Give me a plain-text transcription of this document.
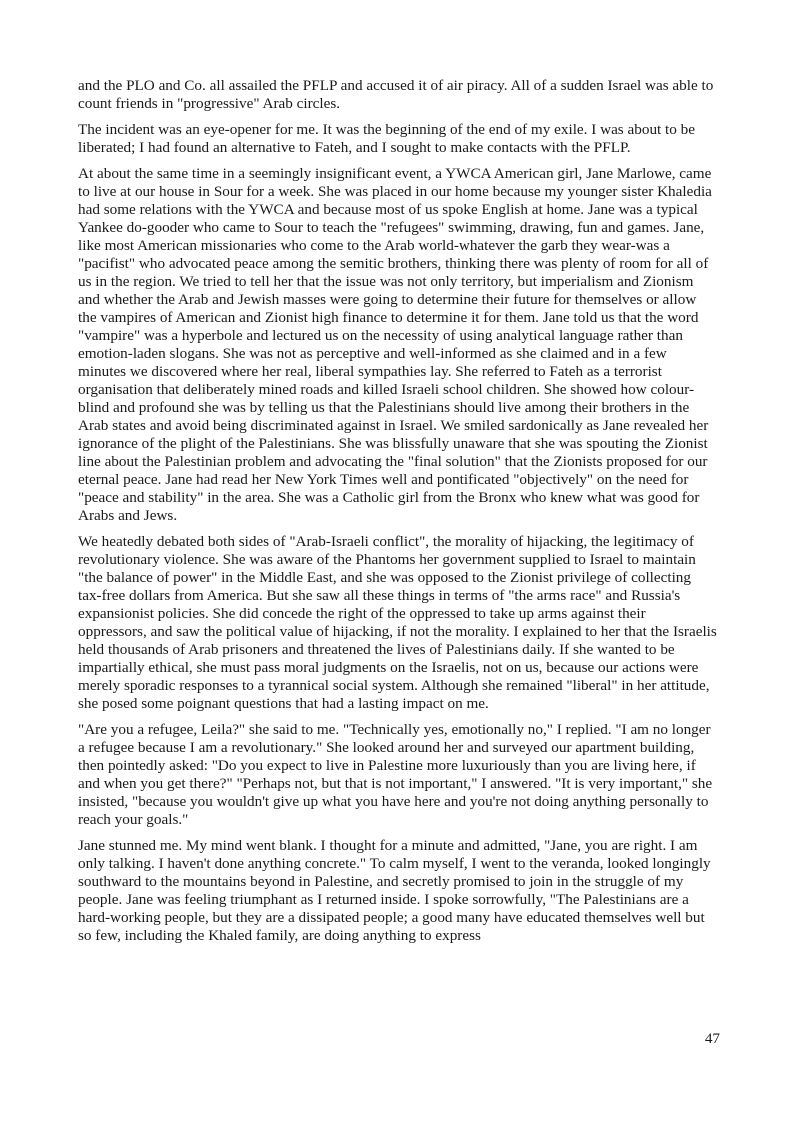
and the PLO and Co. all assailed the PFLP and accused it of air piracy. All of a sudden Israel was able to count friends in "progressive" Arab circles.

The incident was an eye-opener for me. It was the beginning of the end of my exile. I was about to be liberated; I had found an alternative to Fateh, and I sought to make contacts with the PFLP.

At about the same time in a seemingly insignificant event, a YWCA American girl, Jane Marlowe, came to live at our house in Sour for a week. She was placed in our home because my younger sister Khaledia had some relations with the YWCA and because most of us spoke English at home. Jane was a typical Yankee do-gooder who came to Sour to teach the "refugees" swimming, drawing, fun and games. Jane, like most American missionaries who come to the Arab world-whatever the garb they wear-was a "pacifist" who advocated peace among the semitic brothers, thinking there was plenty of room for all of us in the region. We tried to tell her that the issue was not only territory, but imperialism and Zionism and whether the Arab and Jewish masses were going to determine their future for themselves or allow the vampires of American and Zionist high finance to determine it for them. Jane told us that the word "vampire" was a hyperbole and lectured us on the necessity of using analytical language rather than emotion-laden slogans. She was not as perceptive and well-informed as she claimed and in a few minutes we discovered where her real, liberal sympathies lay. She referred to Fateh as a terrorist organisation that deliberately mined roads and killed Israeli school children. She showed how colour-blind and profound she was by telling us that the Palestinians should live among their brothers in the Arab states and avoid being discriminated against in Israel. We smiled sardonically as Jane revealed her ignorance of the plight of the Palestinians. She was blissfully unaware that she was spouting the Zionist line about the Palestinian problem and advocating the "final solution" that the Zionists proposed for our eternal peace. Jane had read her New York Times well and pontificated "objectively" on the need for "peace and stability" in the area. She was a Catholic girl from the Bronx who knew what was good for Arabs and Jews.

We heatedly debated both sides of "Arab-Israeli conflict", the morality of hijacking, the legitimacy of revolutionary violence. She was aware of the Phantoms her government supplied to Israel to maintain "the balance of power" in the Middle East, and she was opposed to the Zionist privilege of collecting tax-free dollars from America. But she saw all these things in terms of "the arms race" and Russia's expansionist policies. She did concede the right of the oppressed to take up arms against their oppressors, and saw the political value of hijacking, if not the morality. I explained to her that the Israelis held thousands of Arab prisoners and threatened the lives of Palestinians daily. If she wanted to be impartially ethical, she must pass moral judgments on the Israelis, not on us, because our actions were merely sporadic responses to a tyrannical social system. Although she remained "liberal" in her attitude, she posed some poignant questions that had a lasting impact on me.

"Are you a refugee, Leila?" she said to me. "Technically yes, emotionally no," I replied. "I am no longer a refugee because I am a revolutionary." She looked around her and surveyed our apartment building, then pointedly asked: "Do you expect to live in Palestine more luxuriously than you are living here, if and when you get there?" "Perhaps not, but that is not important," I answered. "It is very important," she insisted, "because you wouldn't give up what you have here and you're not doing anything personally to reach your goals."

Jane stunned me. My mind went blank. I thought for a minute and admitted, "Jane, you are right. I am only talking. I haven't done anything concrete." To calm myself, I went to the veranda, looked longingly southward to the mountains beyond in Palestine, and secretly promised to join in the struggle of my people. Jane was feeling triumphant as I returned inside. I spoke sorrowfully, "The Palestinians are a hard-working people, but they are a dissipated people; a good many have educated themselves well but so few, including the Khaled family, are doing anything to express

47
